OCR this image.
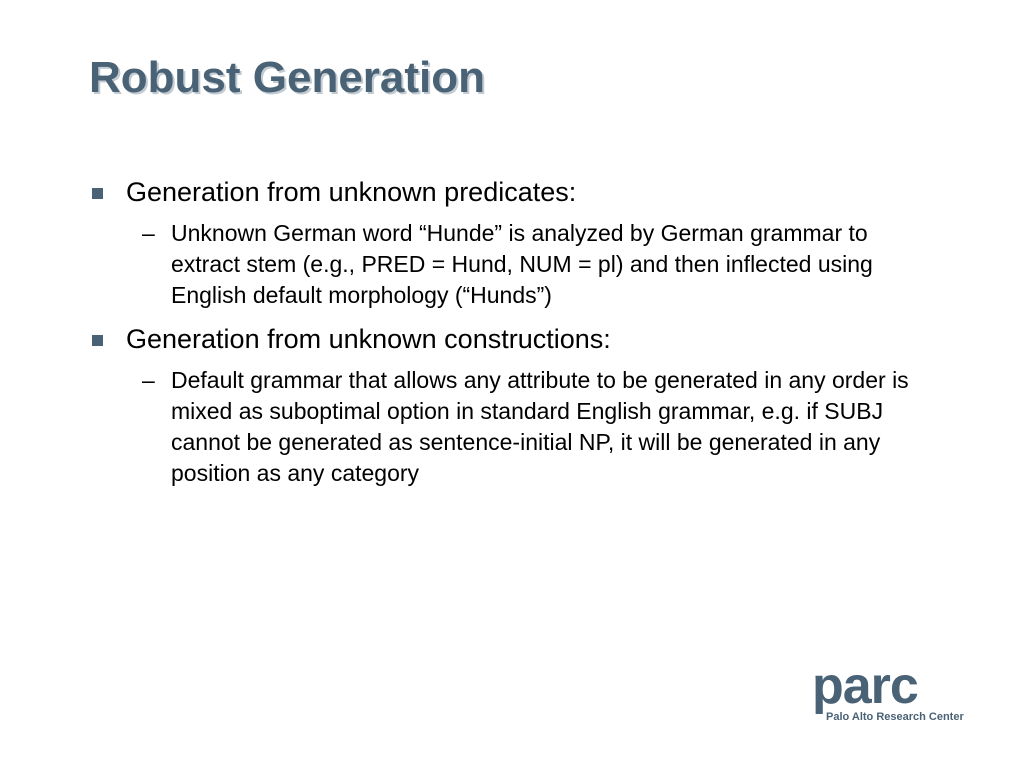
Robust Generation
Generation from unknown predicates:
– Unknown German word “Hunde” is analyzed by German grammar to extract stem (e.g., PRED = Hund, NUM = pl) and then inflected using English default morphology (“Hunds”)
Generation from unknown constructions:
– Default grammar that allows any attribute to be generated in any order is mixed as suboptimal option in standard English grammar, e.g. if SUBJ cannot be generated as sentence-initial NP, it will be generated in any position as any category
parc
Palo Alto Research Center
